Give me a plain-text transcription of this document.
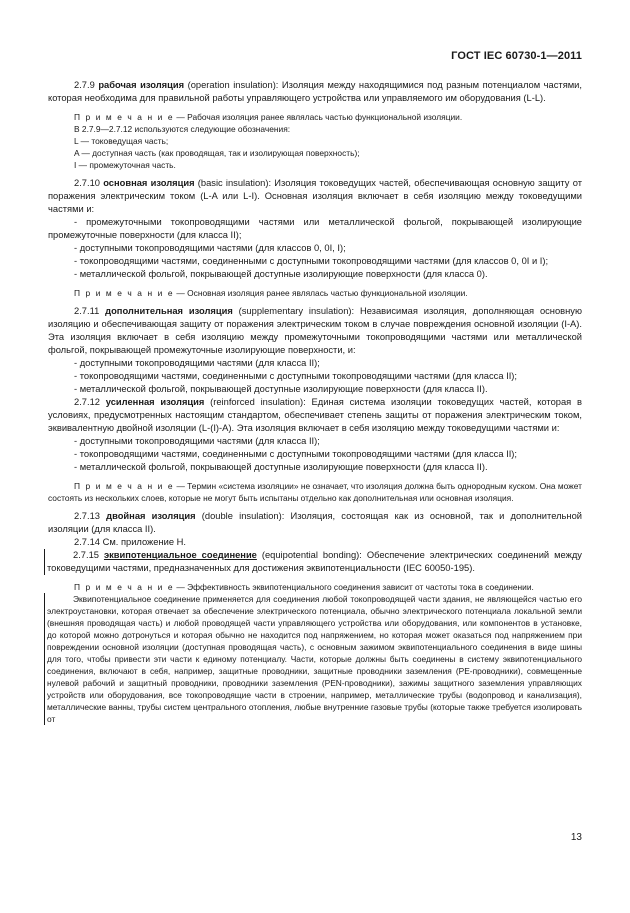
ГОСТ IEC 60730-1—2011

2.7.9 рабочая изоляция (operation insulation): Изоляция между находящимися под разным потенциалом частями, которая необходима для правильной работы управляющего устройства или управляемого им оборудования (L-L).

П р и м е ч а н и е — Рабочая изоляция ранее являлась частью функциональной изоляции.

В 2.7.9—2.7.12 используются следующие обозначения:

L — токоведущая часть;

A — доступная часть (как проводящая, так и изолирующая поверхность);

I — промежуточная часть.

2.7.10 основная изоляция (basic insulation): Изоляция токоведущих частей, обеспечивающая основную защиту от поражения электрическим током (L-A или L-I). Основная изоляция включает в себя изоляцию между токоведущими частями и:

- промежуточными токопроводящими частями или металлической фольгой, покрывающей изолирующие промежуточные поверхности (для класса II);

- доступными токопроводящими частями (для классов 0, 0I, I);

- токопроводящими частями, соединенными с доступными токопроводящими частями (для классов 0, 0I и I);

- металлической фольгой, покрывающей доступные изолирующие поверхности (для класса 0).

П р и м е ч а н и е — Основная изоляция ранее являлась частью функциональной изоляции.

2.7.11 дополнительная изоляция (supplementary insulation): Независимая изоляция, дополняющая основную изоляцию и обеспечивающая защиту от поражения электрическим током в случае повреждения основной изоляции (I-A). Эта изоляция включает в себя изоляцию между промежуточными токопроводящими частями или металлической фольгой, покрывающей промежуточные изолирующие поверхности, и:

- доступными токопроводящими частями (для класса II);

- токопроводящими частями, соединенными с доступными токопроводящими частями (для класса II);

- металлической фольгой, покрывающей доступные изолирующие поверхности (для класса II).

2.7.12 усиленная изоляция (reinforced insulation): Единая система изоляции токоведущих частей, которая в условиях, предусмотренных настоящим стандартом, обеспечивает степень защиты от поражения электрическим током, эквивалентную двойной изоляции (L-(I)-A). Эта изоляция включает в себя изоляцию между токоведущими частями и:

- доступными токопроводящими частями (для класса II);

- токопроводящими частями, соединенными с доступными токопроводящими частями (для класса II);

- металлической фольгой, покрывающей доступные изолирующие поверхности (для класса II).

П р и м е ч а н и е — Термин «система изоляции» не означает, что изоляция должна быть однородным куском. Она может состоять из нескольких слоев, которые не могут быть испытаны отдельно как дополнительная или основная изоляция.

2.7.13 двойная изоляция (double insulation): Изоляция, состоящая как из основной, так и дополнительной изоляции (для класса II).

2.7.14 См. приложение H.

2.7.15 эквипотенциальное соединение (equipotential bonding): Обеспечение электрических соединений между токоведущими частями, предназначенных для достижения эквипотенциальности (IEC 60050-195).

П р и м е ч а н и е — Эффективность эквипотенциального соединения зависит от частоты тока в соединении.

Эквипотенциальное соединение применяется для соединения любой токопроводящей части здания, не являющейся частью его электроустановки, которая отвечает за обеспечение электрического потенциала, обычно электрического потенциала локальной земли (внешняя проводящая часть) и любой проводящей части управляющего устройства или оборудования, или компонентов в установке, до которой можно дотронуться и которая обычно не находится под напряжением, но которая может оказаться под напряжением при повреждении основной изоляции (доступная проводящая часть), с основным зажимом эквипотенциального соединения в виде шины для того, чтобы привести эти части к единому потенциалу. Части, которые должны быть соединены в систему эквипотенциального соединения, включают в себя, например, защитные проводники, защитные проводники заземления (PE-проводники), совмещенные нулевой рабочий и защитный проводники, проводники заземления (PEN-проводники), зажимы защитного заземления управляющих устройств или оборудования, все токопроводящие части в строении, например, металлические трубы (водопровод и канализация), металлические ванны, трубы систем центрального отопления, любые внутренние газовые трубы (которые также требуется изолировать от

13
